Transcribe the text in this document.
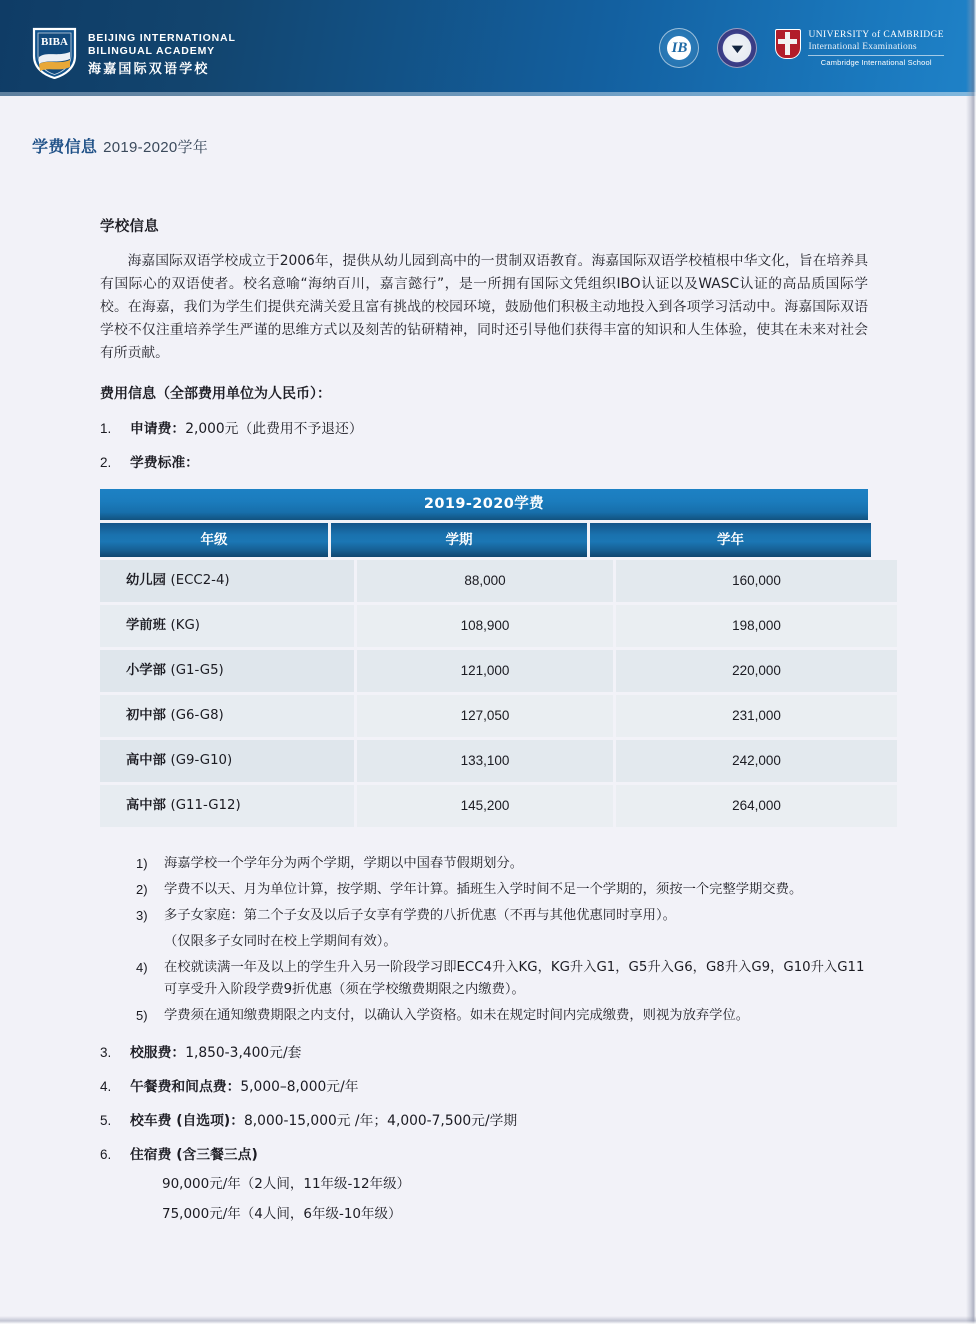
BIBA BEIJING INTERNATIONAL
BILINGUAL ACADEMY
海嘉国际双语学校
IB	▼
UNIVERSITY of CAMBRIDGE
International Examinations
Cambridge International School
学费信息 2019-2020学年
学校信息
海嘉国际双语学校成立于2006年，提供从幼儿园到高中的一贯制双语教育。海嘉国际双语学校植根中华文化，旨在培养具有国际心的双语使者。校名意喻“海纳百川，嘉言懿行”，是一所拥有国际文凭组织IBO认证以及WASC认证的高品质国际学校。在海嘉，我们为学生们提供充满关爱且富有挑战的校园环境，鼓励他们积极主动地投入到各项学习活动中。海嘉国际双语学校不仅注重培养学生严谨的思维方式以及刻苦的钻研精神，同时还引导他们获得丰富的知识和人生体验，使其在未来对社会有所贡献。
费用信息（全部费用单位为人民币）：
1.	申请费：2,000元（此费用不予退还）
2.	学费标准：
2019-2020学费
年级	学期	学年
幼儿园 (ECC2-4)	88,000	160,000
学前班 (KG)	108,900	198,000
小学部 (G1-G5)	121,000	220,000
初中部 (G6-G8)	127,050	231,000
高中部 (G9-G10)	133,100	242,000
高中部 (G11-G12)	145,200	264,000
1)	海嘉学校一个学年分为两个学期，学期以中国春节假期划分。
2)	学费不以天、月为单位计算，按学期、学年计算。插班生入学时间不足一个学期的，须按一个完整学期交费。
3)	多子女家庭：第二个子女及以后子女享有学费的八折优惠（不再与其他优惠同时享用）。
（仅限多子女同时在校上学期间有效）。
4)	在校就读满一年及以上的学生升入另一阶段学习即ECC4升入KG，KG升入G1，G5升入G6，G8升入G9，G10升入G11可享受升入阶段学费9折优惠（须在学校缴费期限之内缴费）。
5)	学费须在通知缴费期限之内支付，以确认入学资格。如未在规定时间内完成缴费，则视为放弃学位。
3.	校服费：1,850-3,400元/套
4.	午餐费和间点费：5,000–8,000元/年
5.	校车费 (自选项)：8,000-15,000元 /年；4,000-7,500元/学期
6.	住宿费 (含三餐三点)
90,000元/年（2人间，11年级-12年级）
75,000元/年（4人间，6年级-10年级）
